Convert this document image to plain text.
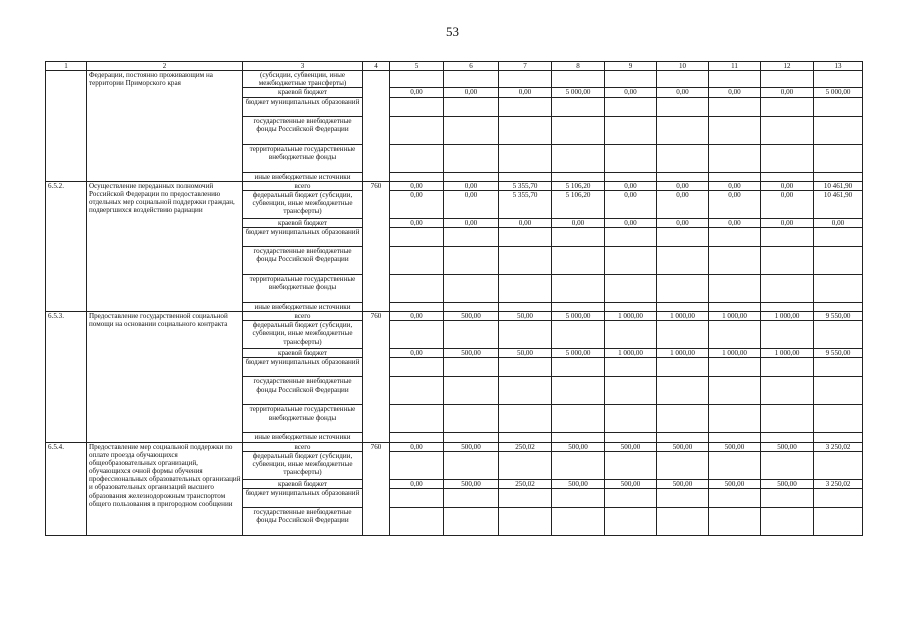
53
1	2	3	4	5	6	7	8	9	10	11	12	13
	Федерации, постоянно проживающим на территории Приморского края	(субсидии, субвенции, иные межбюджетные трансферты)										
		краевой бюджет		0,00	0,00	0,00	5 000,00	0,00	0,00	0,00	0,00	5 000,00
		бюджет муниципальных образований										
		государственные внебюджетные фонды Российской Федерации										
		территориальные государственные внебюджетные фонды										
		иные внебюджетные источники										
6.5.2.	Осуществление переданных полномочий Российской Федерации по предоставлению отдельных мер социальной поддержки граждан, подвергшихся воздействию радиации	всего	760	0,00	0,00	5 355,70	5 106,20	0,00	0,00	0,00	0,00	10 461,90
		федеральный бюджет (субсидии, субвенции, иные межбюджетные трансферты)		0,00	0,00	5 355,70	5 106,20	0,00	0,00	0,00	0,00	10 461,90
		краевой бюджет		0,00	0,00	0,00	0,00	0,00	0,00	0,00	0,00	0,00
		бюджет муниципальных образований										
		государственные внебюджетные фонды Российской Федерации										
		территориальные государственные внебюджетные фонды										
		иные внебюджетные источники										
6.5.3.	Предоставление государственной социальной помощи на основании социального контракта	всего	760	0,00	500,00	50,00	5 000,00	1 000,00	1 000,00	1 000,00	1 000,00	9 550,00
		федеральный бюджет (субсидии, субвенции, иные межбюджетные трансферты)										
		краевой бюджет		0,00	500,00	50,00	5 000,00	1 000,00	1 000,00	1 000,00	1 000,00	9 550,00
		бюджет муниципальных образований										
		государственные внебюджетные фонды Российской Федерации										
		территориальные государственные внебюджетные фонды										
		иные внебюджетные источники										
6.5.4.	Предоставление мер социальной поддержки по оплате проезда обучающихся общеобразовательных организаций, обучающихся очной формы обучения профессиональных образовательных организаций и образовательных организаций высшего образования железнодорожным транспортом общего пользования в пригородном сообщении	всего	760	0,00	500,00	250,02	500,00	500,00	500,00	500,00	500,00	3 250,02
		федеральный бюджет (субсидии, субвенции, иные межбюджетные трансферты)										
		краевой бюджет		0,00	500,00	250,02	500,00	500,00	500,00	500,00	500,00	3 250,02
		бюджет муниципальных образований										
		государственные внебюджетные фонды Российской Федерации										
